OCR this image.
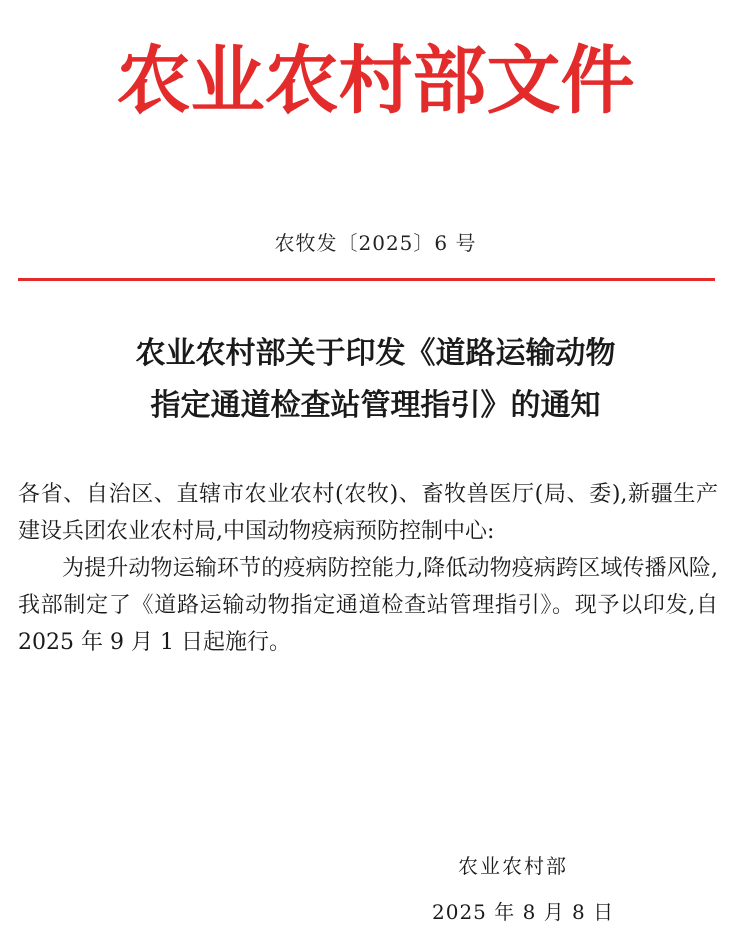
农业农村部文件
农牧发〔2025〕6 号
农业农村部关于印发《道路运输动物
指定通道检查站管理指引》的通知

各省、自治区、直辖市农业农村(农牧)、畜牧兽医厅(局、委),新疆生产建设兵团农业农村局,中国动物疫病预防控制中心:

为提升动物运输环节的疫病防控能力,降低动物疫病跨区域传播风险,我部制定了《道路运输动物指定通道检查站管理指引》。现予以印发,自 2025 年 9 月 1 日起施行。

农业农村部
2025 年 8 月 8 日
